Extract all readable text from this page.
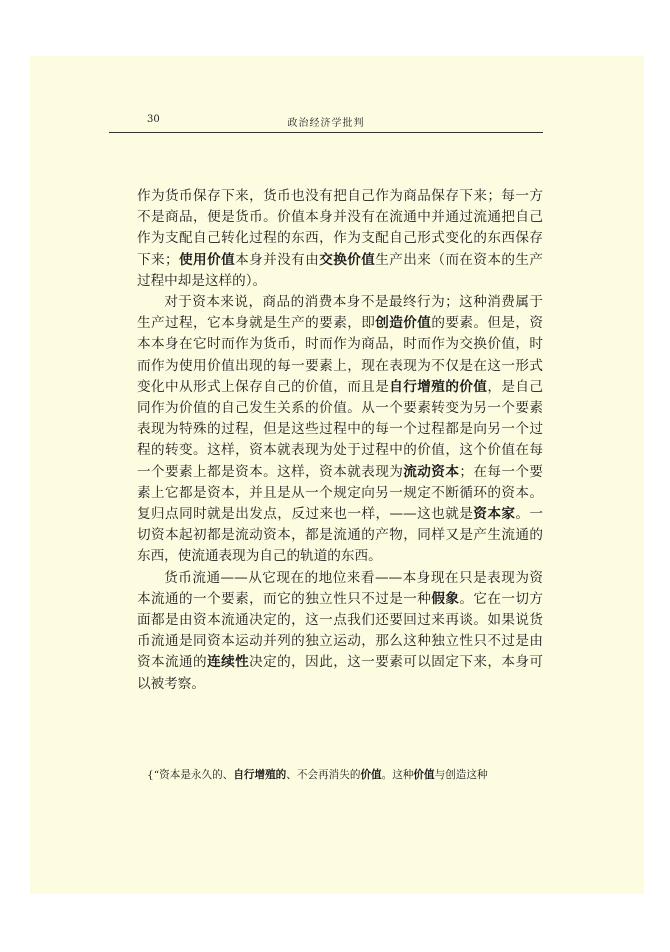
30	政治经济学批判

作为货币保存下来，货币也没有把自己作为商品保存下来；每一方不是商品，便是货币。价值本身并没有在流通中并通过流通把自己作为支配自己转化过程的东西，作为支配自己形式变化的东西保存下来；使用价值本身并没有由交换价值生产出来（而在资本的生产过程中却是这样的）。

对于资本来说，商品的消费本身不是最终行为；这种消费属于生产过程，它本身就是生产的要素，即创造价值的要素。但是，资本本身在它时而作为货币，时而作为商品，时而作为交换价值，时而作为使用价值出现的每一要素上，现在表现为不仅是在这一形式变化中从形式上保存自己的价值，而且是自行增殖的价值，是自己同作为价值的自己发生关系的价值。从一个要素转变为另一个要素表现为特殊的过程，但是这些过程中的每一个过程都是向另一个过程的转变。这样，资本就表现为处于过程中的价值，这个价值在每一个要素上都是资本。这样，资本就表现为流动资本；在每一个要素上它都是资本，并且是从一个规定向另一规定不断循环的资本。复归点同时就是出发点，反过来也一样，——这也就是资本家。一切资本起初都是流动资本，都是流通的产物，同样又是产生流通的东西，使流通表现为自己的轨道的东西。

货币流通——从它现在的地位来看——本身现在只是表现为资本流通的一个要素，而它的独立性只不过是一种假象。它在一切方面都是由资本流通决定的，这一点我们还要回过来再谈。如果说货币流通是同资本运动并列的独立运动，那么这种独立性只不过是由资本流通的连续性决定的，因此，这一要素可以固定下来，本身可以被考察。

{“资本是永久的、自行增殖的、不会再消失的价值。这种价值与创造这种
